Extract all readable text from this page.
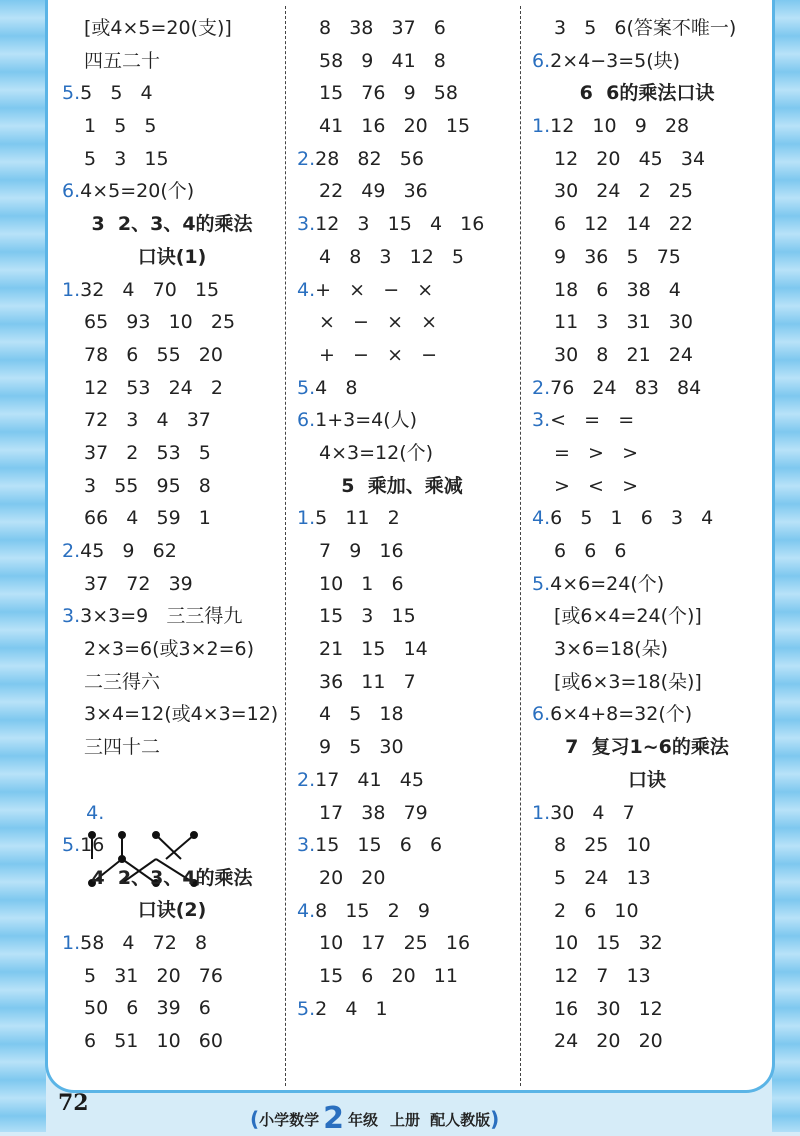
[或4×5=20(支)]
四五二十
5.5   5   4
1   5   5
5   3   15
6.4×5=20(个)
3  2、3、4的乘法
口诀(1)
1.32   4   70   15
65   93   10   25
78   6   55   20
12   53   24   2
72   3   4   37
37   2   53   5
3   55   95   8
66   4   59   1
2.45   9   62
37   72   39
3.3×3=9   三三得九
2×3=6(或3×2=6)
二三得六
3×4=12(或4×3=12)
三四十二

4.

5.16
4  2、3、4的乘法
口诀(2)
1.58   4   72   8
5   31   20   76
50   6   39   6
6   51   10   60
8   38   37   6
58   9   41   8
15   76   9   58
41   16   20   15
2.28   82   56
22   49   36
3.12   3   15   4   16
4   8   3   12   5
4.+   ×   −   ×
×   −   ×   ×
+   −   ×   −
5.4   8
6.1+3=4(人)
4×3=12(个)
5  乘加、乘减
1.5   11   2
7   9   16
10   1   6
15   3   15
21   15   14
36   11   7
4   5   18
9   5   30
2.17   41   45
17   38   79
3.15   15   6   6
20   20
4.8   15   2   9
10   17   25   16
15   6   20   11
5.2   4   1
3   5   6(答案不唯一)
6.2×4−3=5(块)
6  6的乘法口诀
1.12   10   9   28
12   20   45   34
30   24   2   25
6   12   14   22
9   36   5   75
18   6   38   4
11   3   31   30
30   8   21   24
2.76   24   83   84
3.<   =   =
=   >   >
>   <   >
4.6   5   1   6   3   4
6   6   6
5.4×6=24(个)
[或6×4=24(个)]
3×6=18(朵)
[或6×3=18(朵)]
6.6×4+8=32(个)
7  复习1~6的乘法
口诀
1.30   4   7
8   25   10
5   24   13
2   6   10
10   15   32
12   7   13
16   30   12
24   20   20
72
( 小学数学 2 年级 上册 配人教版 )
